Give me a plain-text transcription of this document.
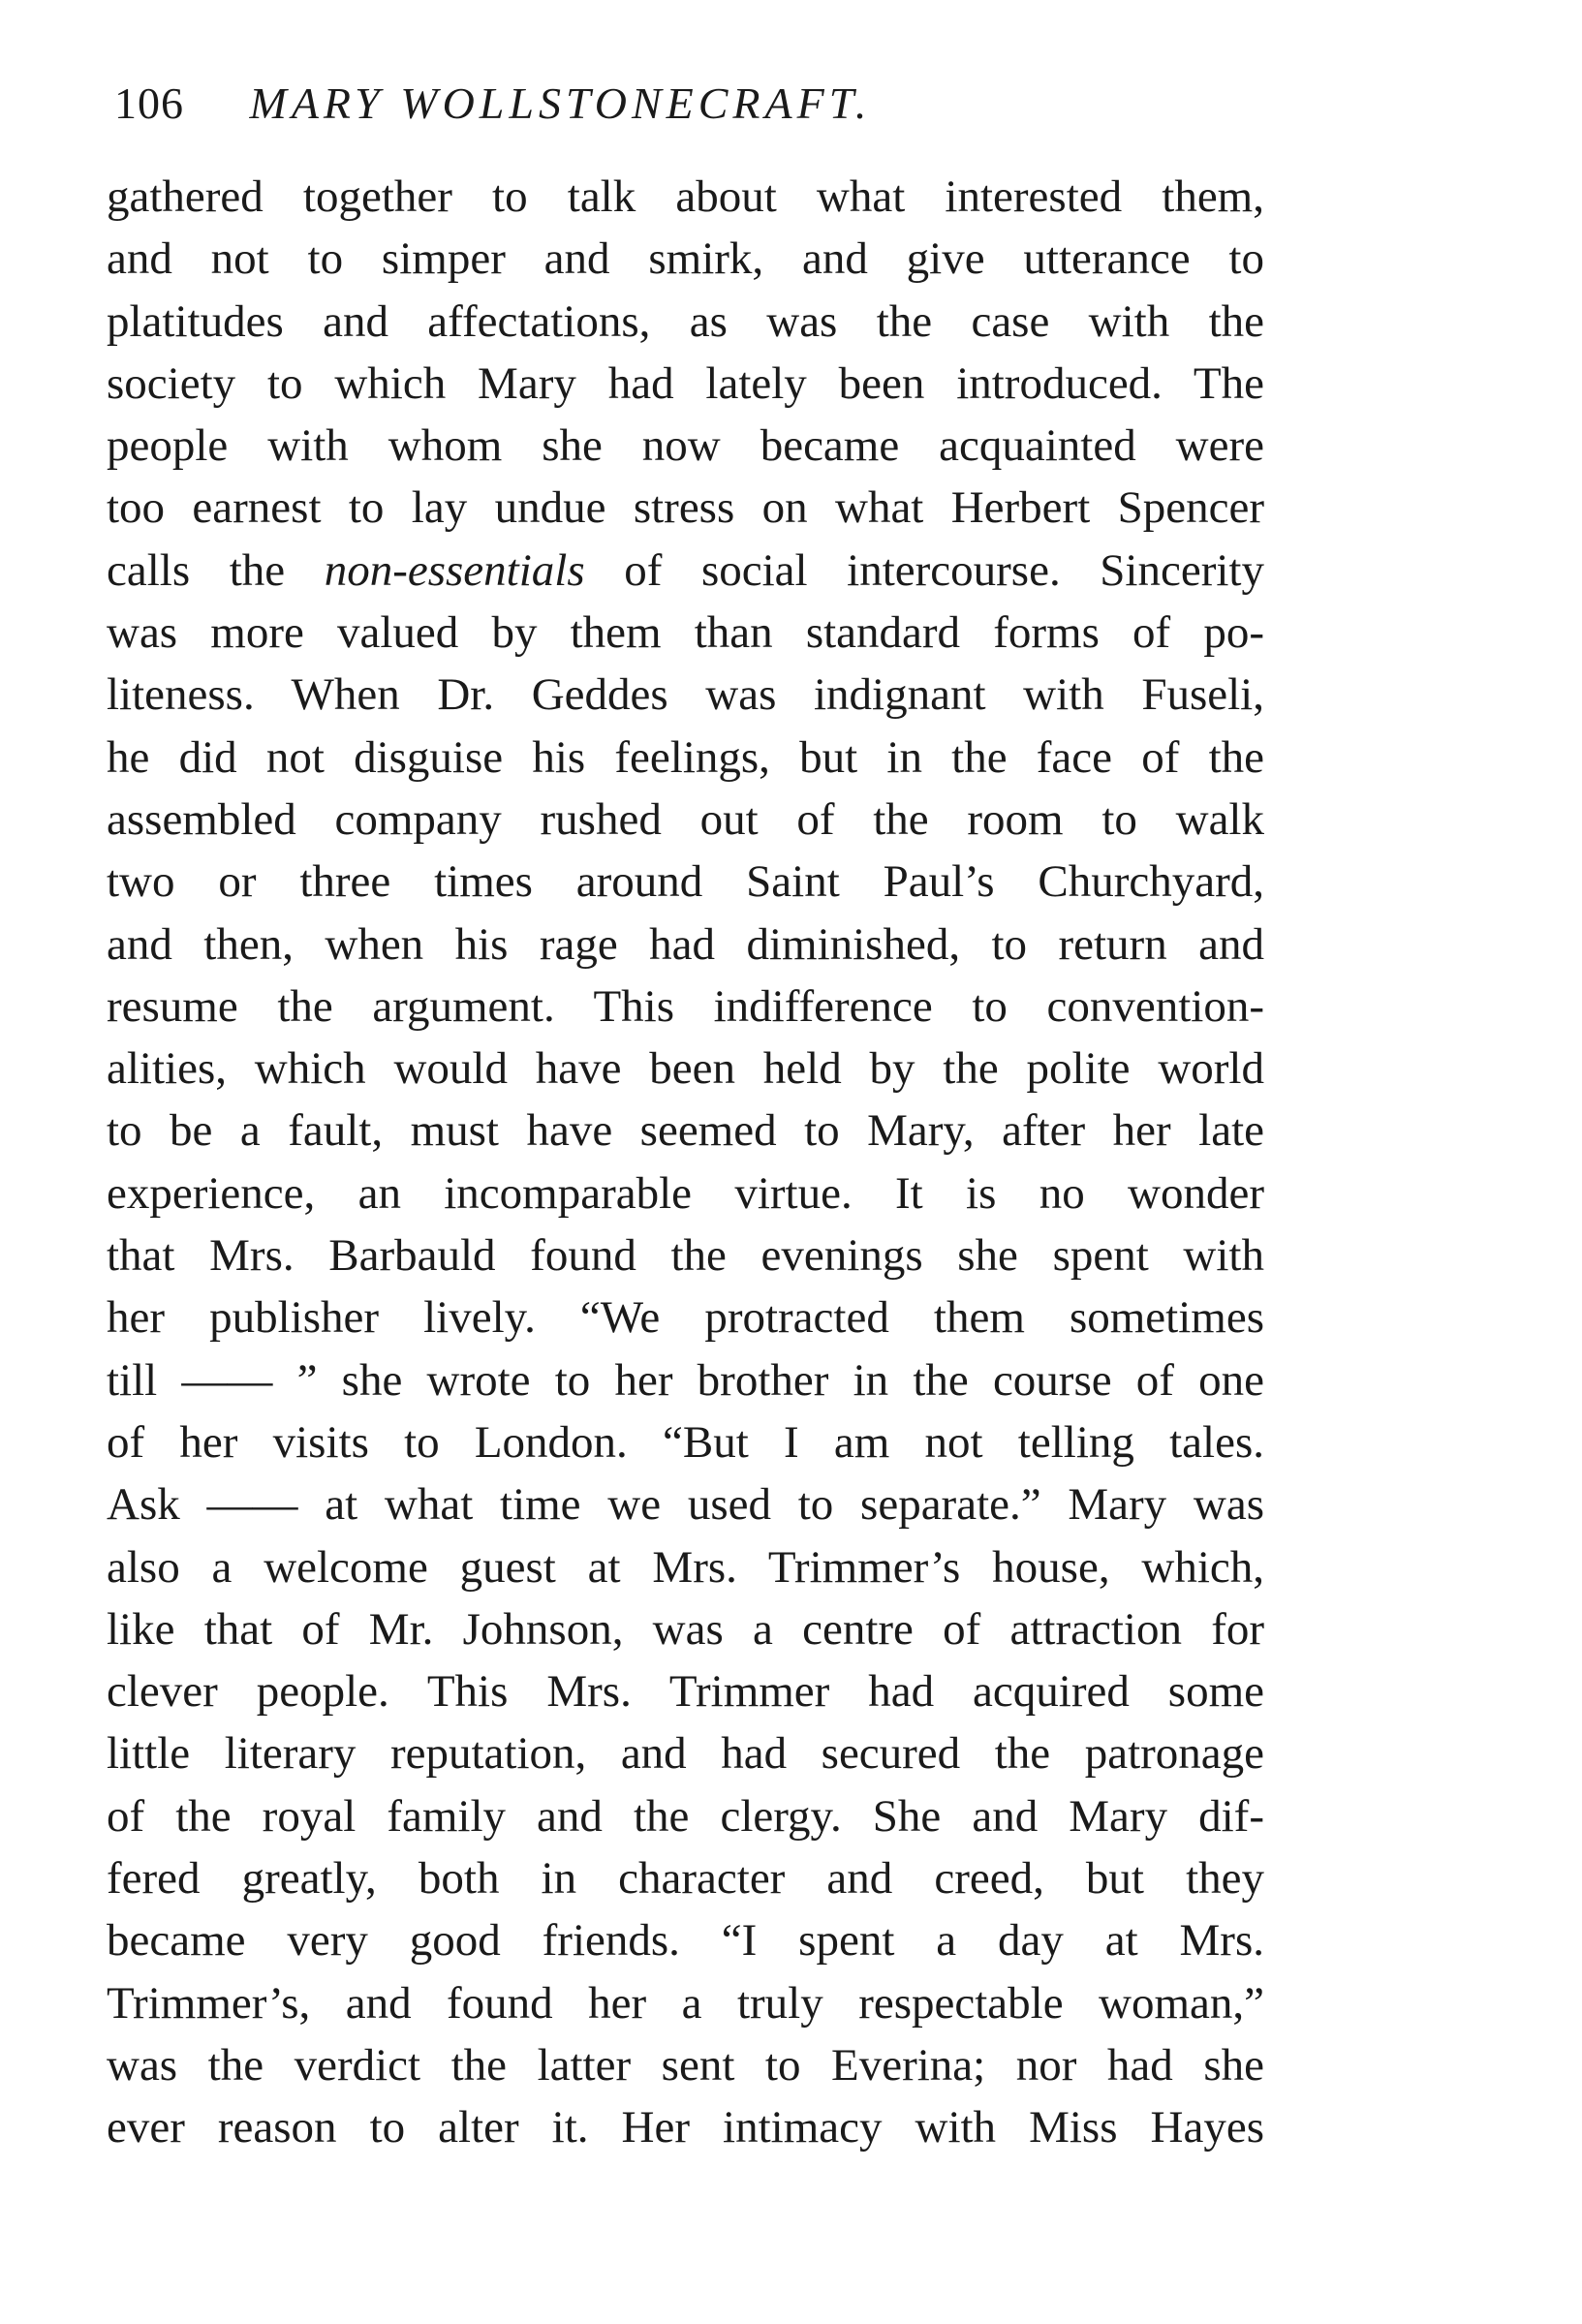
106 MARY WOLLSTONECRAFT.
gathered together to talk about what interested them,
and not to simper and smirk, and give utterance to
platitudes and affectations, as was the case with the
society to which Mary had lately been introduced. The
people with whom she now became acquainted were
too earnest to lay undue stress on what Herbert Spencer
calls the non-essentials of social intercourse. Sincerity
was more valued by them than standard forms of po-
liteness. When Dr. Geddes was indignant with Fuseli,
he did not disguise his feelings, but in the face of the
assembled company rushed out of the room to walk
two or three times around Saint Paul’s Churchyard,
and then, when his rage had diminished, to return and
resume the argument. This indifference to convention-
alities, which would have been held by the polite world
to be a fault, must have seemed to Mary, after her late
experience, an incomparable virtue. It is no wonder
that Mrs. Barbauld found the evenings she spent with
her publisher lively. “We protracted them sometimes
till —— ” she wrote to her brother in the course of one
of her visits to London. “But I am not telling tales.
Ask —— at what time we used to separate.” Mary was
also a welcome guest at Mrs. Trimmer’s house, which,
like that of Mr. Johnson, was a centre of attraction for
clever people. This Mrs. Trimmer had acquired some
little literary reputation, and had secured the patronage
of the royal family and the clergy. She and Mary dif-
fered greatly, both in character and creed, but they
became very good friends. “I spent a day at Mrs.
Trimmer’s, and found her a truly respectable woman,”
was the verdict the latter sent to Everina; nor had she
ever reason to alter it. Her intimacy with Miss Hayes
